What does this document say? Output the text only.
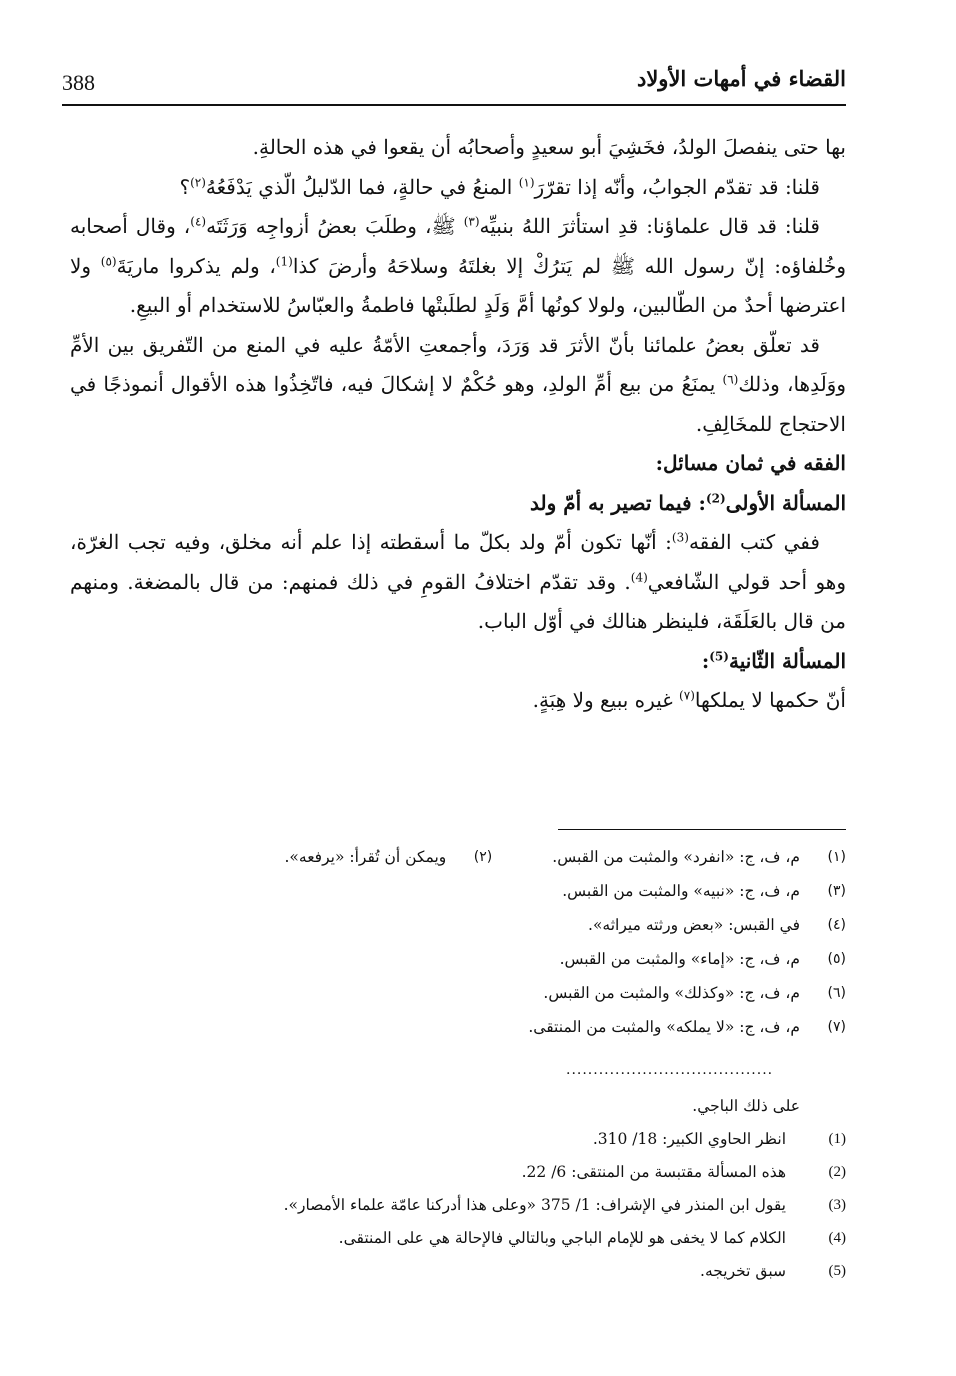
388	القضاء في أمهات الأولاد

بها حتى ينفصلَ الولدُ، فخَشِيَ أبو سعيدٍ وأصحابُه أن يقعوا في هذه الحالةِ.

قلنا: قد تقدّم الجوابُ، وأنّه إذا تقرّرَ$^{(١)}$ المنعُ في حالةٍ، فما الدّليلُ الّذي يَدْفَعُهُ$^{(٢)}$؟

قلنا: قد قال علماؤنا: قدِ استأثرَ اللهُ بنبيِّه$^{(٣)}$ ﷺ، وطلَبَ بعضُ أزواجِه وَرَثَتَه$^{(٤)}$، وقال أصحابه وخُلفاؤه: إنّ رسول الله ﷺ لم يَترُكْ إلا بغلتَهُ وسلاحَهُ وأرضَ كذا$^{(1)}$، ولم يذكروا ماريَةَ$^{(٥)}$ ولا اعترضها أحدٌ من الطّالبين، ولولا كونُها أمَّ وَلَدٍ لطلَبتْها فاطمةُ والعبّاسُ للاستخدام أو البيعِ.

قد تعلّق بعضُ علمائنا بأنّ الأثرَ قد وَرَدَ، وأجمعتِ الأمّةُ عليه في المنع من التّفريق بين الأمِّ ووَلَدِها، وذلك$^{(٦)}$ يمنَعُ من بيع أمِّ الولدِ، وهو حُكْمٌ لا إشكالَ فيه، فاتّخِذُوا هذه الأقوال أنموذجًا في الاحتجاج للمخَالِفِ.

الفقه في ثمان مسائل:

المسألة الأولى$^{(2)}$: فيما تصير به أمّ ولد

ففي كتب الفقه$^{(3)}$: أنّها تكون أمّ ولد بكلّ ما أسقطته إذا علم أنه مخلق، وفيه تجب الغرّة، وهو أحد قولي الشّافعي$^{(4)}$. وقد تقدّم اختلافُ القومِ في ذلك فمنهم: من قال بالمضغة. ومنهم من قال بالعَلَقَة، فلينظر هنالك في أوّل الباب.

المسألة الثّانية$^{(5)}$:

أنّ حكمها لا يملكها$^{(٧)}$ غيره ببيع ولا هِبَةٍ.

(١)
م، ف، ج: «انفرد» والمثبت من القبس.
(٢)
ويمكن أن تُقرأ: «يرفعه».
(٣)
م، ف، ج: «نبيه» والمثبت من القبس.
(٤)
في القبس: «بعض ورثته ميراثه».
(٥)
م، ف، ج: «إماء» والمثبت من القبس.
(٦)
م، ف، ج: «وكذلك» والمثبت من القبس.
(٧)
م، ف، ج: «لا يملكه» والمثبت من المنتقى.
......................................
على ذلك الباجي.
(1)
انظر الحاوي الكبير: 18/ 310.
(2)
هذه المسألة مقتبسة من المنتقى: 6/ 22.
(3)
يقول ابن المنذر في الإشراف: 1/ 375 «وعلى هذا أدركنا عامّة علماء الأمصار».
(4)
الكلام كما لا يخفى هو للإمام الباجي وبالتالي فالإحالة هي على المنتقى.
(5)
سبق تخريجه.
